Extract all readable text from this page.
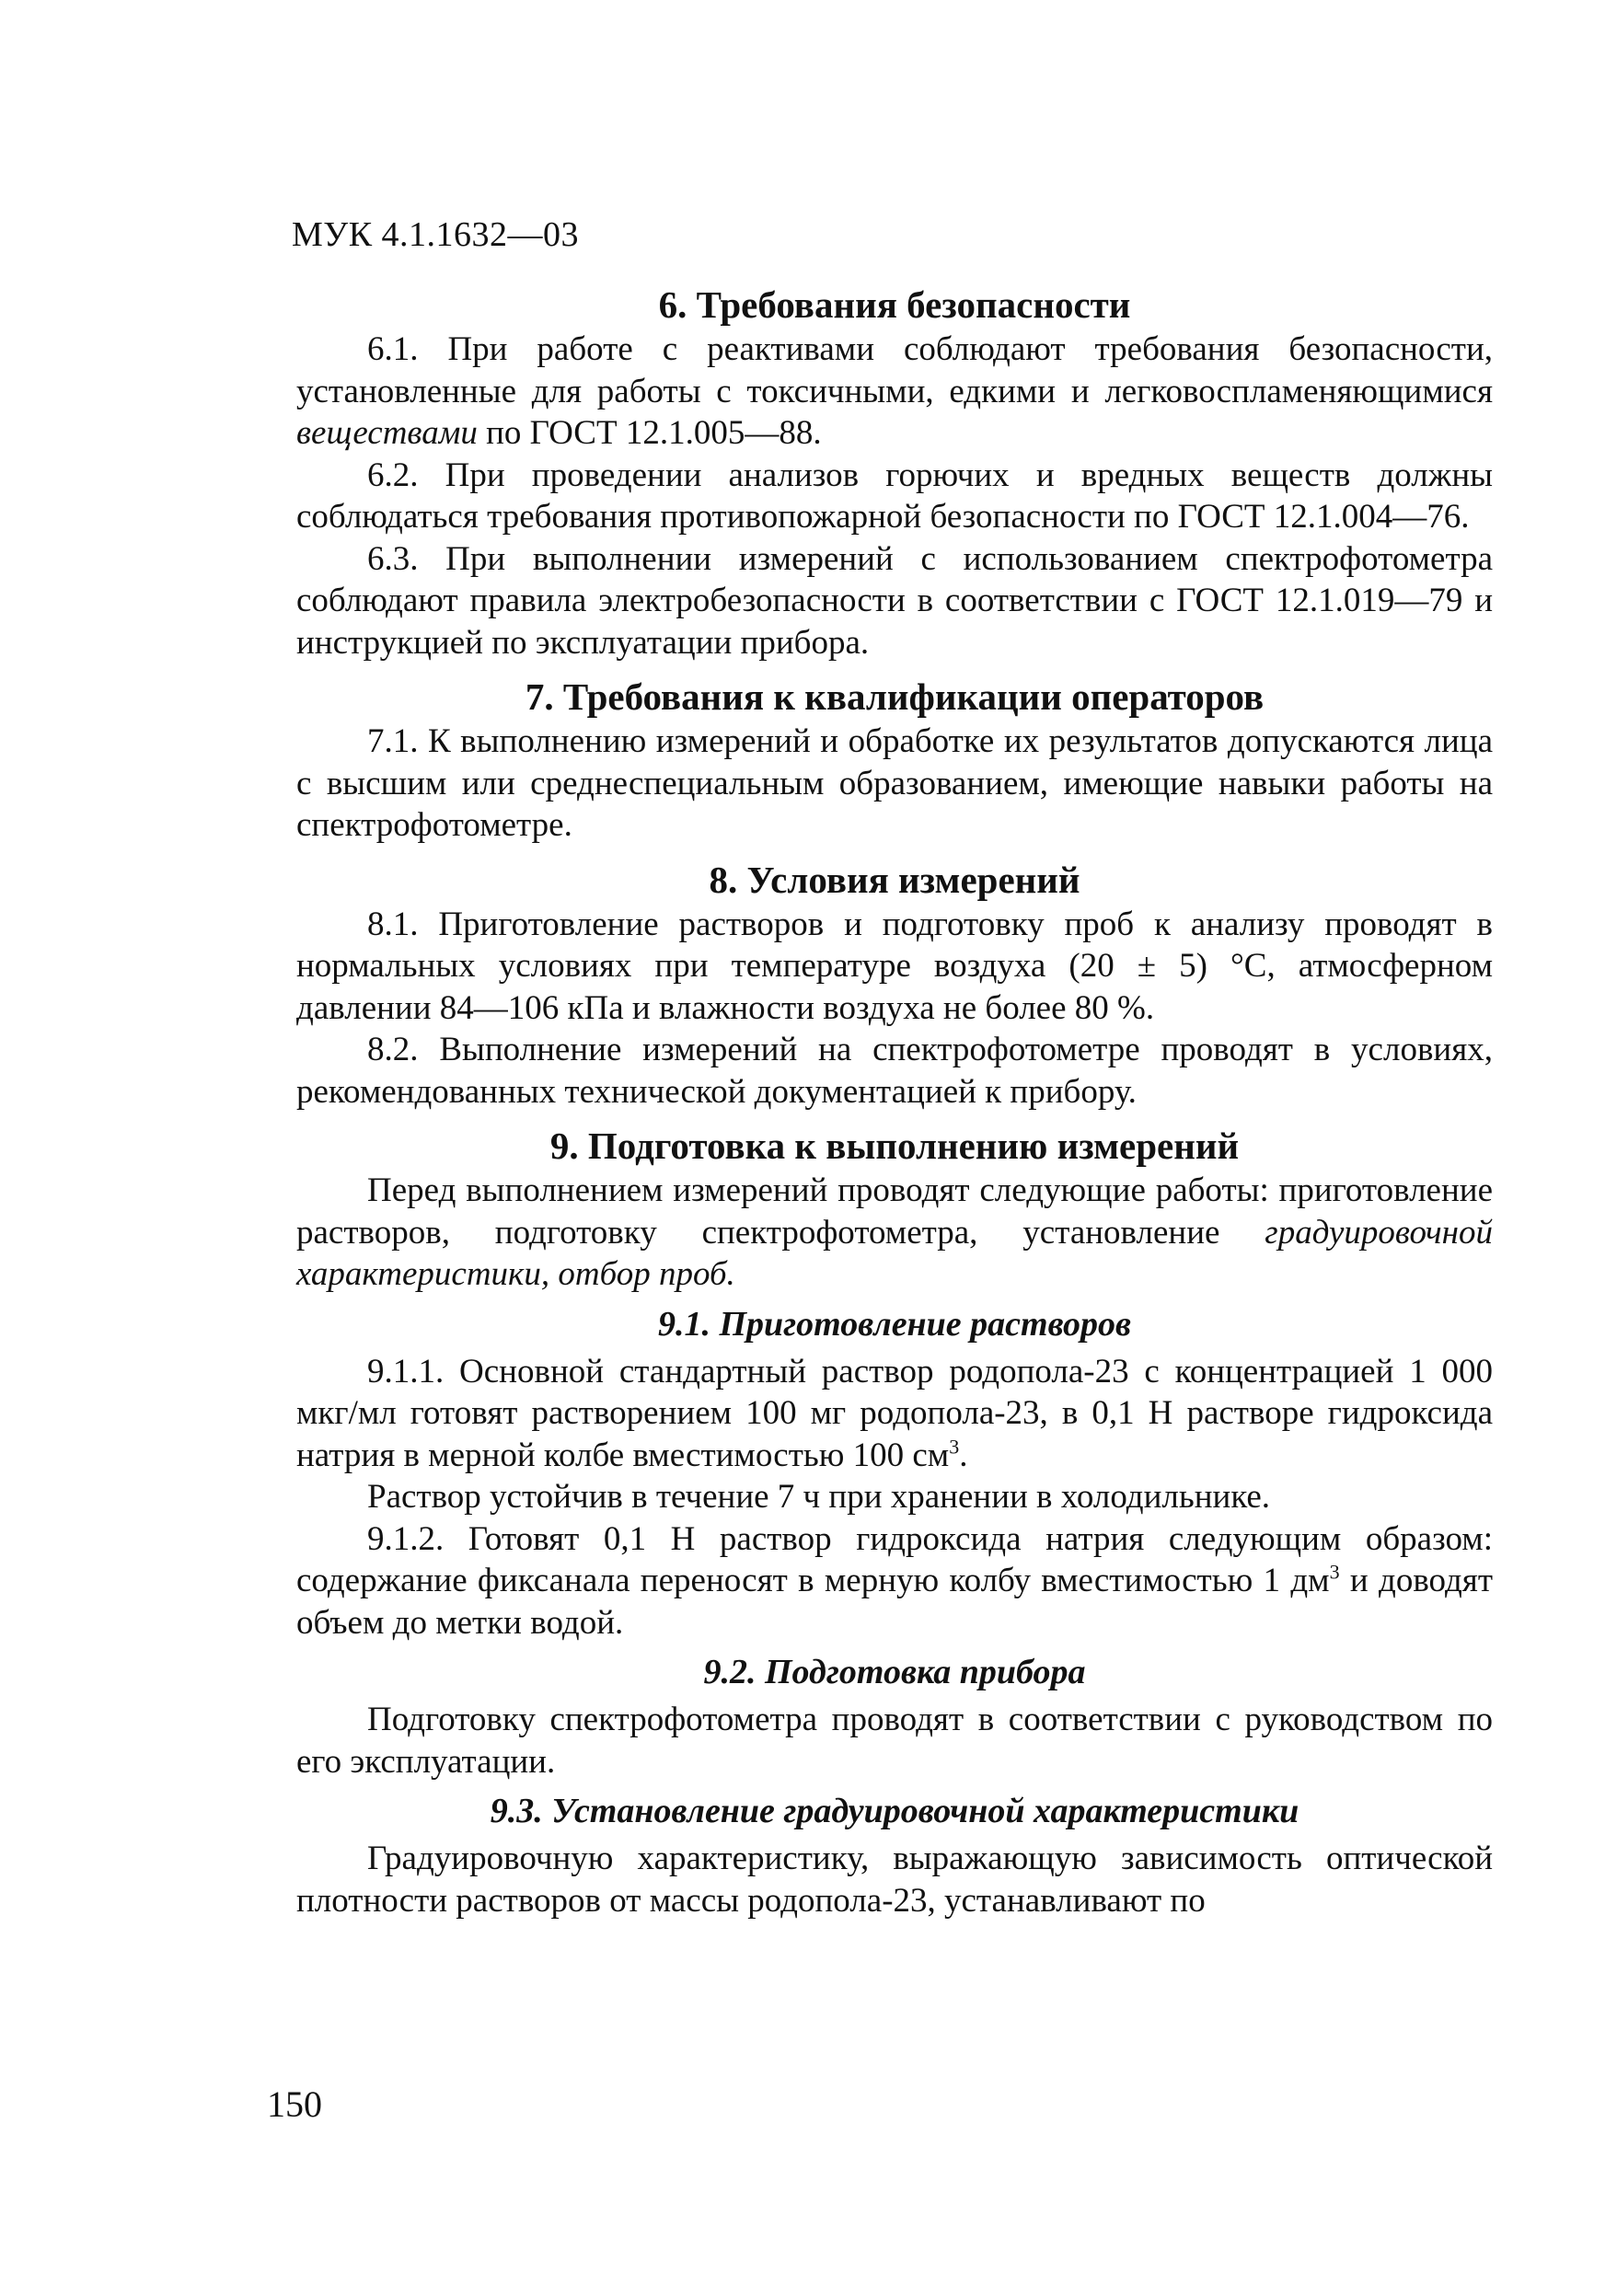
МУК 4.1.1632—03
6. Требования безопасности

6.1. При работе с реактивами соблюдают требования безопасности, установленные для работы с токсичными, едкими и легковоспламеняющимися веществами по ГОСТ 12.1.005—88.

6.2. При проведении анализов горючих и вредных веществ должны соблюдаться требования противопожарной безопасности по ГОСТ 12.1.004—76.

6.3. При выполнении измерений с использованием спектрофотометра соблюдают правила электробезопасности в соответствии с ГОСТ 12.1.019—79 и инструкцией по эксплуатации прибора.

7. Требования к квалификации операторов

7.1. К выполнению измерений и обработке их результатов допускаются лица с высшим или среднеспециальным образованием, имеющие навыки работы на спектрофотометре.

8. Условия измерений

8.1. Приготовление растворов и подготовку проб к анализу проводят в нормальных условиях при температуре воздуха (20 ± 5) °С, атмосферном давлении 84—106 кПа и влажности воздуха не более 80 %.

8.2. Выполнение измерений на спектрофотометре проводят в условиях, рекомендованных технической документацией к прибору.

9. Подготовка к выполнению измерений

Перед выполнением измерений проводят следующие работы: приготовление растворов, подготовку спектрофотометра, установление градуировочной характеристики, отбор проб.

9.1. Приготовление растворов

9.1.1. Основной стандартный раствор родопола-23 с концентрацией 1 000 мкг/мл готовят растворением 100 мг родопола-23, в 0,1 Н растворе гидроксида натрия в мерной колбе вместимостью 100 $см^3$.

Раствор устойчив в течение 7 ч при хранении в холодильнике.

9.1.2. Готовят 0,1 Н раствор гидроксида натрия следующим образом: содержание фиксанала переносят в мерную колбу вместимостью 1 $дм^3$ и доводят объем до метки водой.

9.2. Подготовка прибора

Подготовку спектрофотометра проводят в соответствии с руководством по его эксплуатации.

9.3. Установление градуировочной характеристики

Градуировочную характеристику, выражающую зависимость оптической плотности растворов от массы родопола-23, устанавливают по

150
